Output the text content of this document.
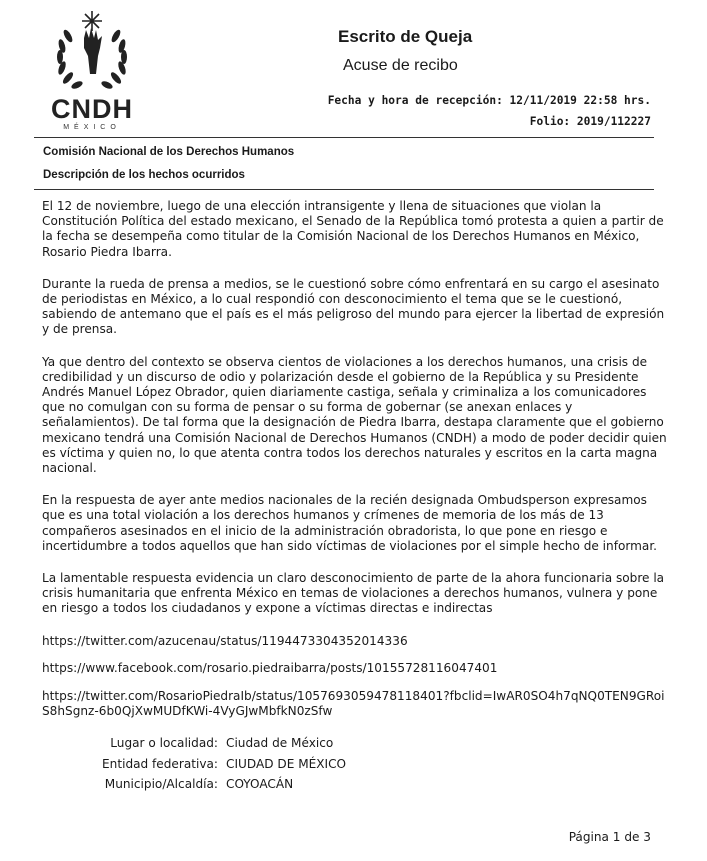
CNDH
MÉXICO
Escrito de Queja
Acuse de recibo
Fecha y hora de recepción: 12/11/2019 22:58 hrs.
Folio: 2019/112227
Comisión Nacional de los Derechos Humanos
Descripción de los hechos ocurridos

El 12 de noviembre, luego de una elección intransigente y llena de situaciones que violan la Constitución Política del estado mexicano, el Senado de la República tomó protesta a quien a partir de la fecha se desempeña como titular de la Comisión Nacional de los Derechos Humanos en México, Rosario Piedra Ibarra.

Durante la rueda de prensa a medios, se le cuestionó sobre cómo enfrentará en su cargo el asesinato de periodistas en México, a lo cual respondió con desconocimiento el tema que se le cuestionó, sabiendo de antemano que el país es el más peligroso del mundo para ejercer la libertad de expresión y de prensa.

Ya que dentro del contexto se observa cientos de violaciones a los derechos humanos, una crisis de credibilidad y un discurso de odio y polarización desde el gobierno de la República y su Presidente Andrés Manuel López Obrador, quien diariamente castiga, señala y criminaliza a los comunicadores que no comulgan con su forma de pensar o su forma de gobernar (se anexan enlaces y señalamientos). De tal forma que la designación de Piedra Ibarra, destapa claramente que el gobierno mexicano tendrá una Comisión Nacional de Derechos Humanos (CNDH) a modo de poder decidir quien es víctima y quien no, lo que atenta contra todos los derechos naturales y escritos en la carta magna nacional.

En la respuesta de ayer ante medios nacionales de la recién designada Ombudsperson expresamos que es una total violación a los derechos humanos y crímenes de memoria de los más de 13 compañeros asesinados en el inicio de la administración obradorista, lo que pone en riesgo e incertidumbre a todos aquellos que han sido víctimas de violaciones por el simple hecho de informar.

La lamentable respuesta evidencia un claro desconocimiento de parte de la ahora funcionaria sobre la crisis humanitaria que enfrenta México en temas de violaciones a derechos humanos, vulnera y pone en riesgo a todos los ciudadanos y expone a víctimas directas e indirectas

https://twitter.com/azucenau/status/1194473304352014336

https://www.facebook.com/rosario.piedraibarra/posts/10155728116047401

https://twitter.com/RosarioPiedraIb/status/1057693059478118401?fbclid=IwAR0SO4h7qNQ0TEN9GRoiS8hSgnz-6b0QjXwMUDfKWi-4VyGJwMbfkN0zSfw

Lugar o localidad: Ciudad de México
Entidad federativa: CIUDAD DE MÉXICO
Municipio/Alcaldía: COYOACÁN
Página 1 de 3
